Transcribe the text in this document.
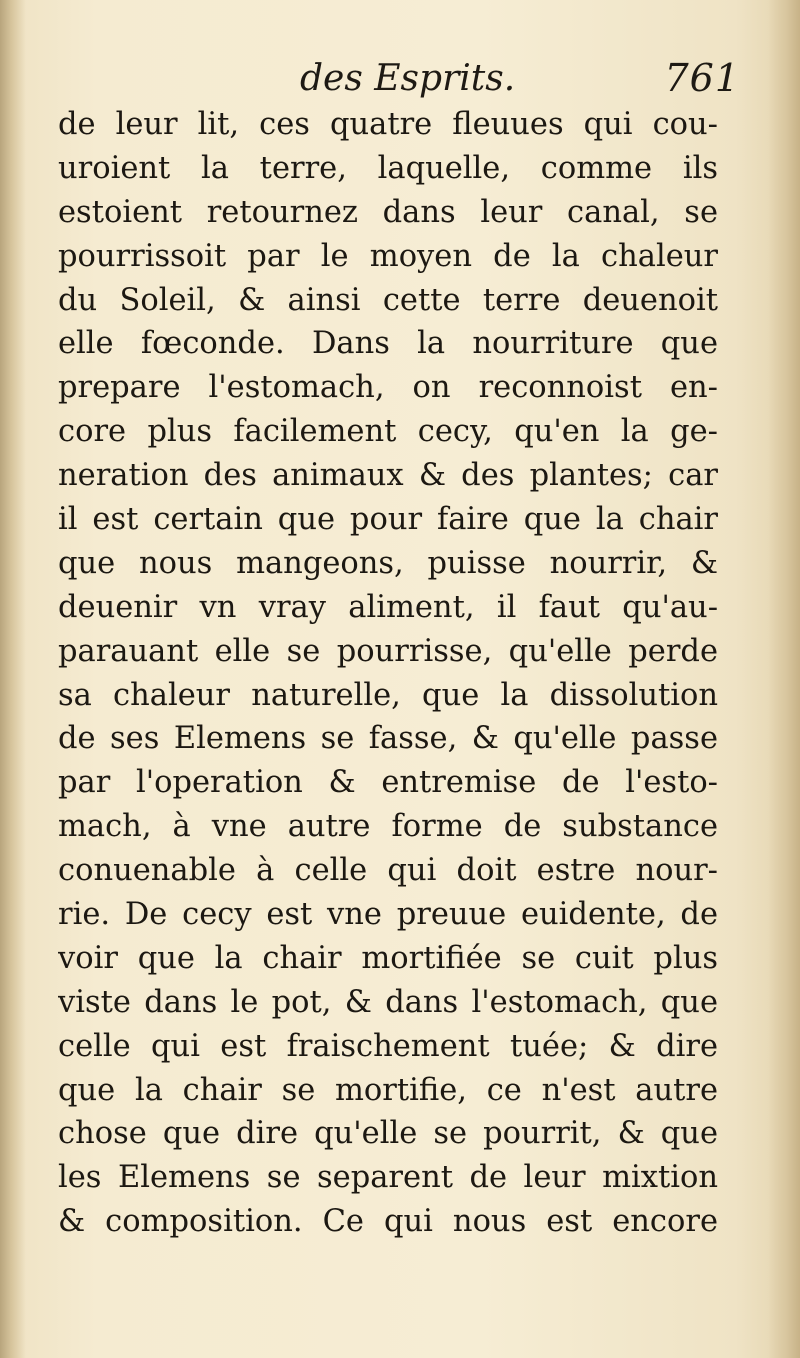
des Esprits.	761
de leur lit, ces quatre fleuues qui cou-
uroient la terre, laquelle, comme ils
estoient retournez dans leur canal, se
pourrissoit par le moyen de la chaleur
du Soleil, & ainsi cette terre deuenoit
elle fœconde. Dans la nourriture que
prepare l'estomach, on reconnoist en-
core plus facilement cecy, qu'en la ge-
neration des animaux & des plantes; car
il est certain que pour faire que la chair
que nous mangeons, puisse nourrir, &
deuenir vn vray aliment, il faut qu'au-
parauant elle se pourrisse, qu'elle perde
sa chaleur naturelle, que la dissolution
de ses Elemens se fasse, & qu'elle passe
par l'operation & entremise de l'esto-
mach, à vne autre forme de substance
conuenable à celle qui doit estre nour-
rie. De cecy est vne preuue euidente, de
voir que la chair mortifiée se cuit plus
viste dans le pot, & dans l'estomach, que
celle qui est fraischement tuée; & dire
que la chair se mortifie, ce n'est autre
chose que dire qu'elle se pourrit, & que
les Elemens se separent de leur mixtion
& composition. Ce qui nous est encore
